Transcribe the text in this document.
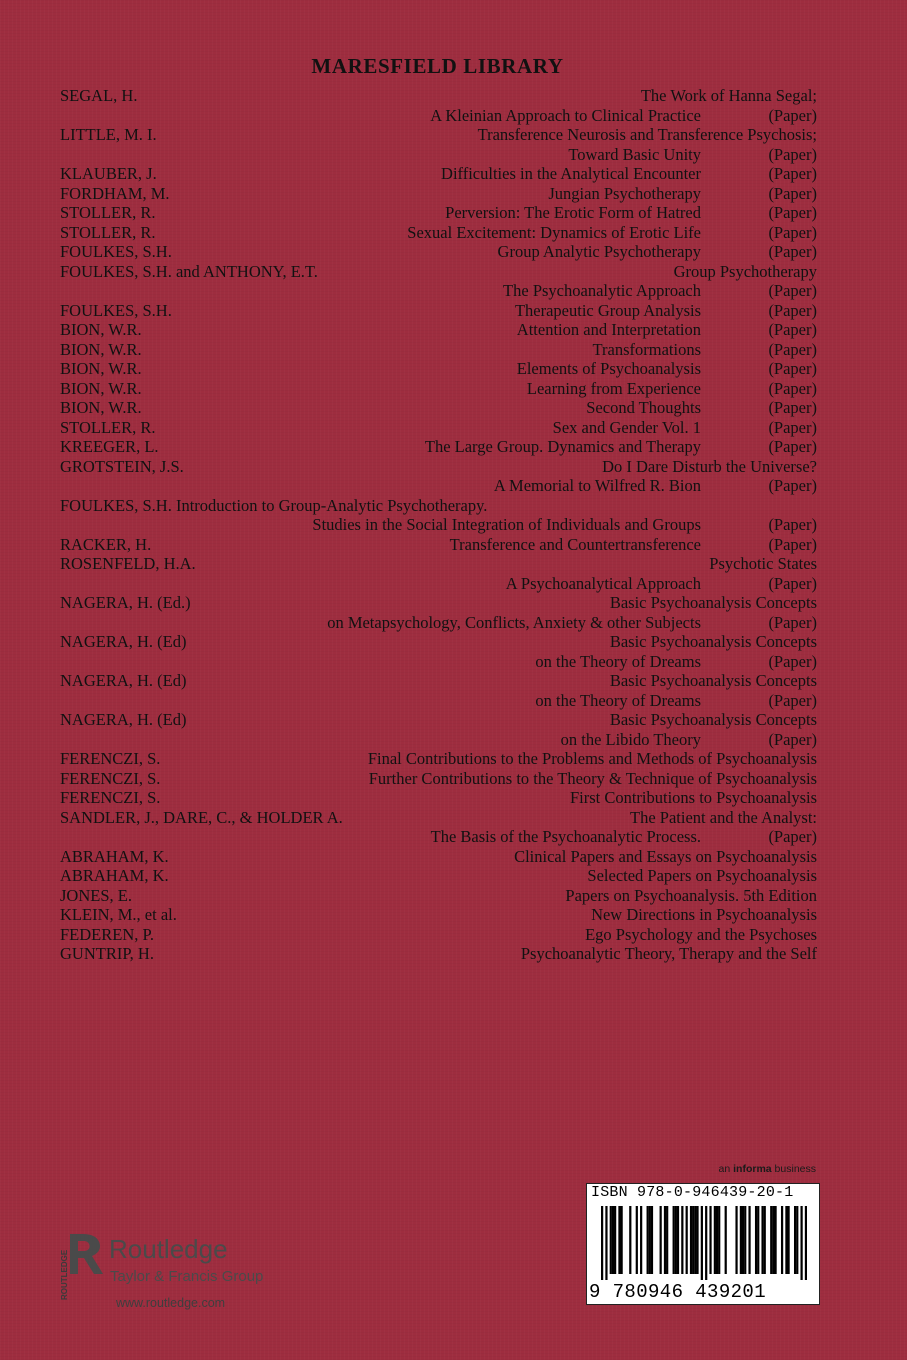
MARESFIELD LIBRARY
SEGAL, H.	The Work of Hanna Segal;
A Kleinian Approach to Clinical Practice	(Paper)
LITTLE, M. I.	Transference Neurosis and Transference Psychosis;
Toward Basic Unity	(Paper)
KLAUBER, J.	Difficulties in the Analytical Encounter	(Paper)
FORDHAM, M.	Jungian Psychotherapy	(Paper)
STOLLER, R.	Perversion: The Erotic Form of Hatred	(Paper)
STOLLER, R.	Sexual Excitement: Dynamics of Erotic Life	(Paper)
FOULKES, S.H.	Group Analytic Psychotherapy	(Paper)
FOULKES, S.H. and ANTHONY, E.T.	Group Psychotherapy
The Psychoanalytic Approach	(Paper)
FOULKES, S.H.	Therapeutic Group Analysis	(Paper)
BION, W.R.	Attention and Interpretation	(Paper)
BION, W.R.	Transformations	(Paper)
BION, W.R.	Elements of Psychoanalysis	(Paper)
BION, W.R.	Learning from Experience	(Paper)
BION, W.R.	Second Thoughts	(Paper)
STOLLER, R.	Sex and Gender Vol. 1	(Paper)
KREEGER, L.	The Large Group. Dynamics and Therapy	(Paper)
GROTSTEIN, J.S.	Do I Dare Disturb the Universe?
A Memorial to Wilfred R. Bion	(Paper)
FOULKES, S.H. Introduction to Group-Analytic Psychotherapy.
Studies in the Social Integration of Individuals and Groups	(Paper)
RACKER, H.	Transference and Countertransference	(Paper)
ROSENFELD, H.A.	Psychotic States
A Psychoanalytical Approach	(Paper)
NAGERA, H. (Ed.)	Basic Psychoanalysis Concepts
on Metapsychology, Conflicts, Anxiety & other Subjects	(Paper)
NAGERA, H. (Ed)	Basic Psychoanalysis Concepts
on the Theory of Dreams	(Paper)
NAGERA, H. (Ed)	Basic Psychoanalysis Concepts
on the Theory of Dreams	(Paper)
NAGERA, H. (Ed)	Basic Psychoanalysis Concepts
on the Libido Theory	(Paper)
FERENCZI, S.	Final Contributions to the Problems and Methods of Psychoanalysis
FERENCZI, S.	Further Contributions to the Theory & Technique of Psychoanalysis
FERENCZI, S.	First Contributions to Psychoanalysis
SANDLER, J., DARE, C., & HOLDER A.	The Patient and the Analyst:
The Basis of the Psychoanalytic Process.	(Paper)
ABRAHAM, K.	Clinical Papers and Essays on Psychoanalysis
ABRAHAM, K.	Selected Papers on Psychoanalysis
JONES, E.	Papers on Psychoanalysis. 5th Edition
KLEIN, M., et al.	New Directions in Psychoanalysis
FEDEREN, P.	Ego Psychology and the Psychoses
GUNTRIP, H.	Psychoanalytic Theory, Therapy and the Self
an informa business
ISBN 978-0-946439-20-1
9 780946 439201
ROUTLEDGE
Routledge
Taylor & Francis Group
www.routledge.com
